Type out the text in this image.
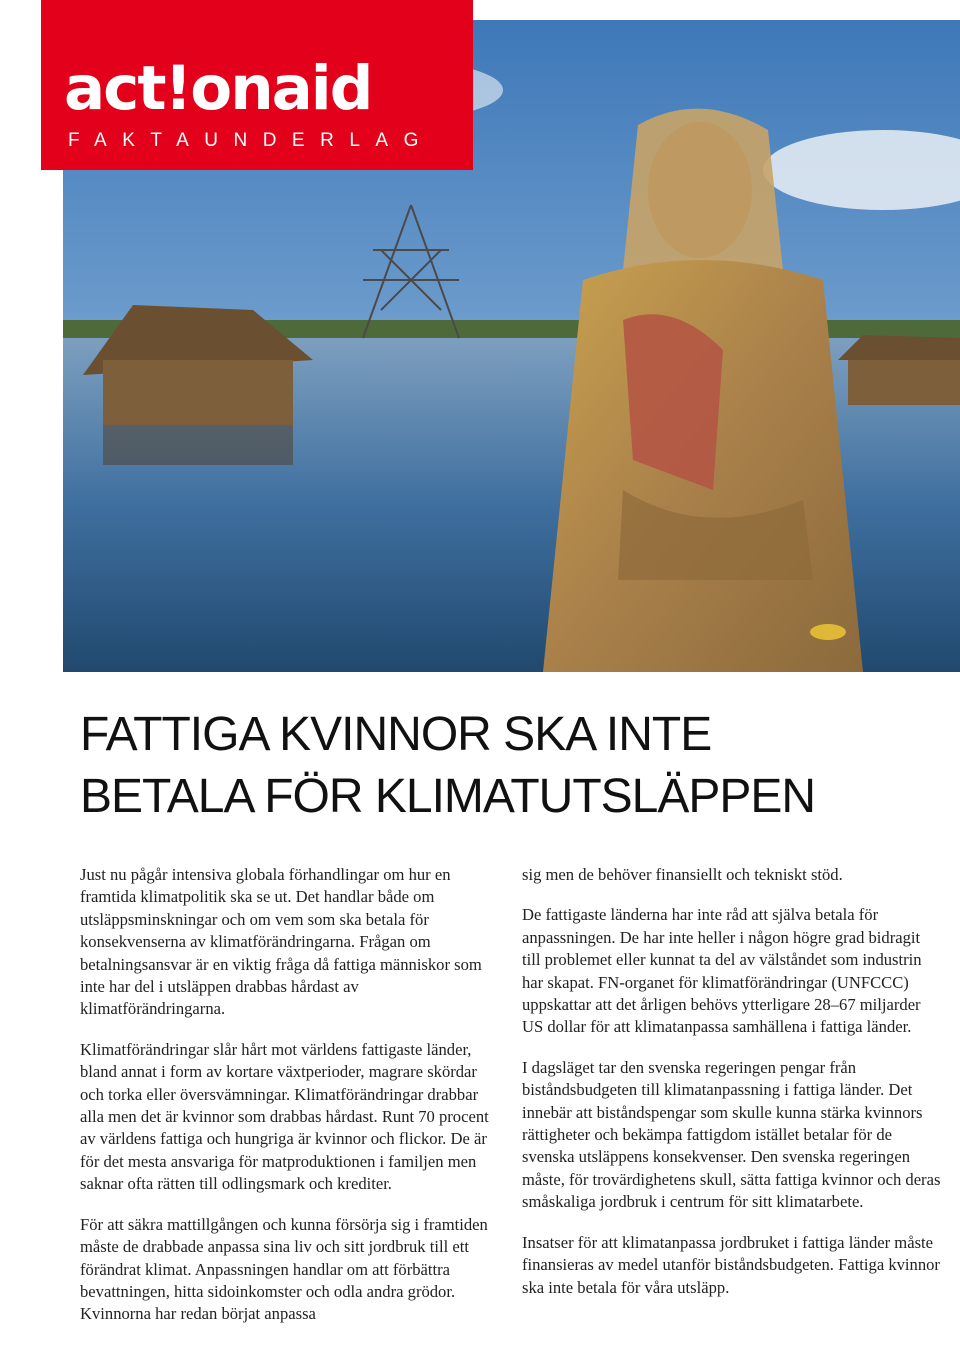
act!onaid
FAKTAUNDERLAG
FATTIGA KVINNOR SKA INTE
BETALA FÖR KLIMATUTSLÄPPEN

Just nu pågår intensiva globala förhandlingar om hur en framtida klimatpolitik ska se ut. Det handlar både om utsläppsminskningar och om vem som ska betala för konsekvenserna av klimatförändringarna. Frågan om betalningsansvar är en viktig fråga då fattiga människor som inte har del i utsläppen drabbas hårdast av klimatförändringarna.

Klimatförändringar slår hårt mot världens fattigaste länder, bland annat i form av kortare växtperioder, magrare skördar och torka eller översvämningar. Klimatförändringar drabbar alla men det är kvinnor som drabbas hårdast. Runt 70 procent av världens fattiga och hungriga är kvinnor och flickor. De är för det mesta ansvariga för matproduktionen i familjen men saknar ofta rätten till odlingsmark och krediter.

För att säkra mattillgången och kunna försörja sig i framtiden måste de drabbade anpassa sina liv och sitt jordbruk till ett förändrat klimat. Anpassningen handlar om att förbättra bevattningen, hitta sidoinkomster och odla andra grödor. Kvinnorna har redan börjat anpassa

sig men de behöver finansiellt och tekniskt stöd.

De fattigaste länderna har inte råd att själva betala för anpassningen. De har inte heller i någon högre grad bidragit till problemet eller kunnat ta del av välståndet som industrin har skapat. FN-organet för klimatförändringar (UNFCCC) uppskattar att det årligen behövs ytterligare 28–67 miljarder US dollar för att klimatanpassa samhällena i fattiga länder.

I dagsläget tar den svenska regeringen pengar från biståndsbudgeten till klimatanpassning i fattiga länder. Det innebär att biståndspengar som skulle kunna stärka kvinnors rättigheter och bekämpa fattigdom istället betalar för de svenska utsläppens konsekvenser. Den svenska regeringen måste, för trovärdighetens skull, sätta fattiga kvinnor och deras småskaliga jordbruk i centrum för sitt klimatarbete.

Insatser för att klimatanpassa jordbruket i fattiga länder måste finansieras av medel utanför biståndsbudgeten. Fattiga kvinnor ska inte betala för våra utsläpp.
